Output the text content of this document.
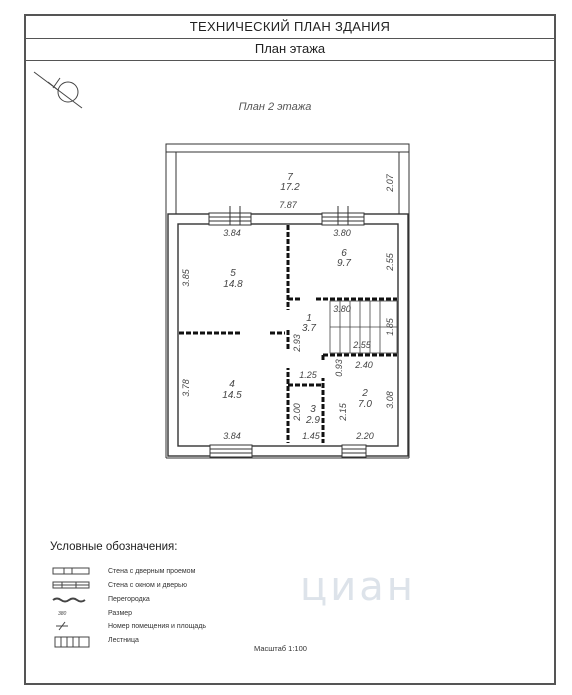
ТЕХНИЧЕСКИЙ ПЛАН ЗДАНИЯ
План этажа
циан
7
17.2
6
9.7
5
14.8
1
3.7
4
14.5
3
2.9
2
7.0
7.87
3.84	3.80
3.80
2.55
2.40
1.25
3.84	1.45	2.20
2.07
3.85
2.55
1.85
2.93
0.93
3.78
2.00	2.15
3.08
380
План 2 этажа
Условные обозначения:
Стена с дверным проемом
Стена с окном и дверью
Перегородка
Размер
Номер помещения и площадь
Лестница
Масштаб 1:100
